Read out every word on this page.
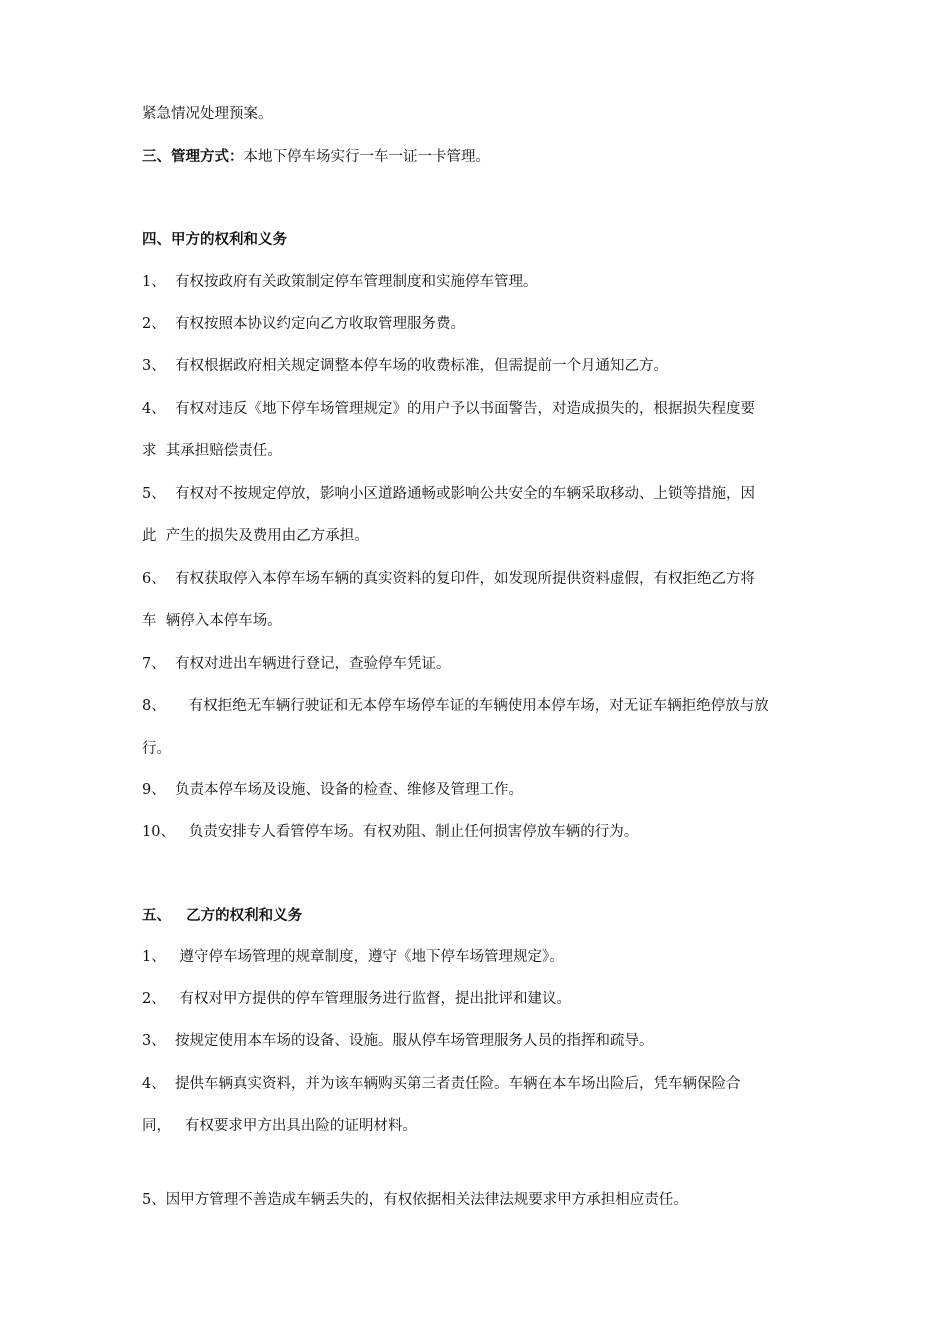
紧急情况处理预案。
三、管理方式：本地下停车场实行一车一证一卡管理。
四、甲方的权利和义务
1、  有权按政府有关政策制定停车管理制度和实施停车管理。
2、  有权按照本协议约定向乙方收取管理服务费。
3、  有权根据政府相关规定调整本停车场的收费标准，但需提前一个月通知乙方。
4、  有权对违反《地下停车场管理规定》的用户予以书面警告，对造成损失的，根据损失程度要
求  其承担赔偿责任。
5、  有权对不按规定停放，影响小区道路通畅或影响公共安全的车辆采取移动、上锁等措施，因
此  产生的损失及费用由乙方承担。
6、  有权获取停入本停车场车辆的真实资料的复印件，如发现所提供资料虚假，有权拒绝乙方将
车  辆停入本停车场。
7、  有权对进出车辆进行登记，查验停车凭证。
8、     有权拒绝无车辆行驶证和无本停车场停车证的车辆使用本停车场，对无证车辆拒绝停放与放
行。
9、  负责本停车场及设施、设备的检查、维修及管理工作。
10、   负责安排专人看管停车场。有权劝阻、制止任何损害停放车辆的行为。
五、   乙方的权利和义务
1、   遵守停车场管理的规章制度，遵守《地下停车场管理规定》。
2、   有权对甲方提供的停车管理服务进行监督，提出批评和建议。
3、  按规定使用本车场的设备、设施。服从停车场管理服务人员的指挥和疏导。
4、  提供车辆真实资料，并为该车辆购买第三者责任险。车辆在本车场出险后，凭车辆保险合
同，   有权要求甲方出具出险的证明材料。
5、因甲方管理不善造成车辆丢失的，有权依据相关法律法规要求甲方承担相应责任。
